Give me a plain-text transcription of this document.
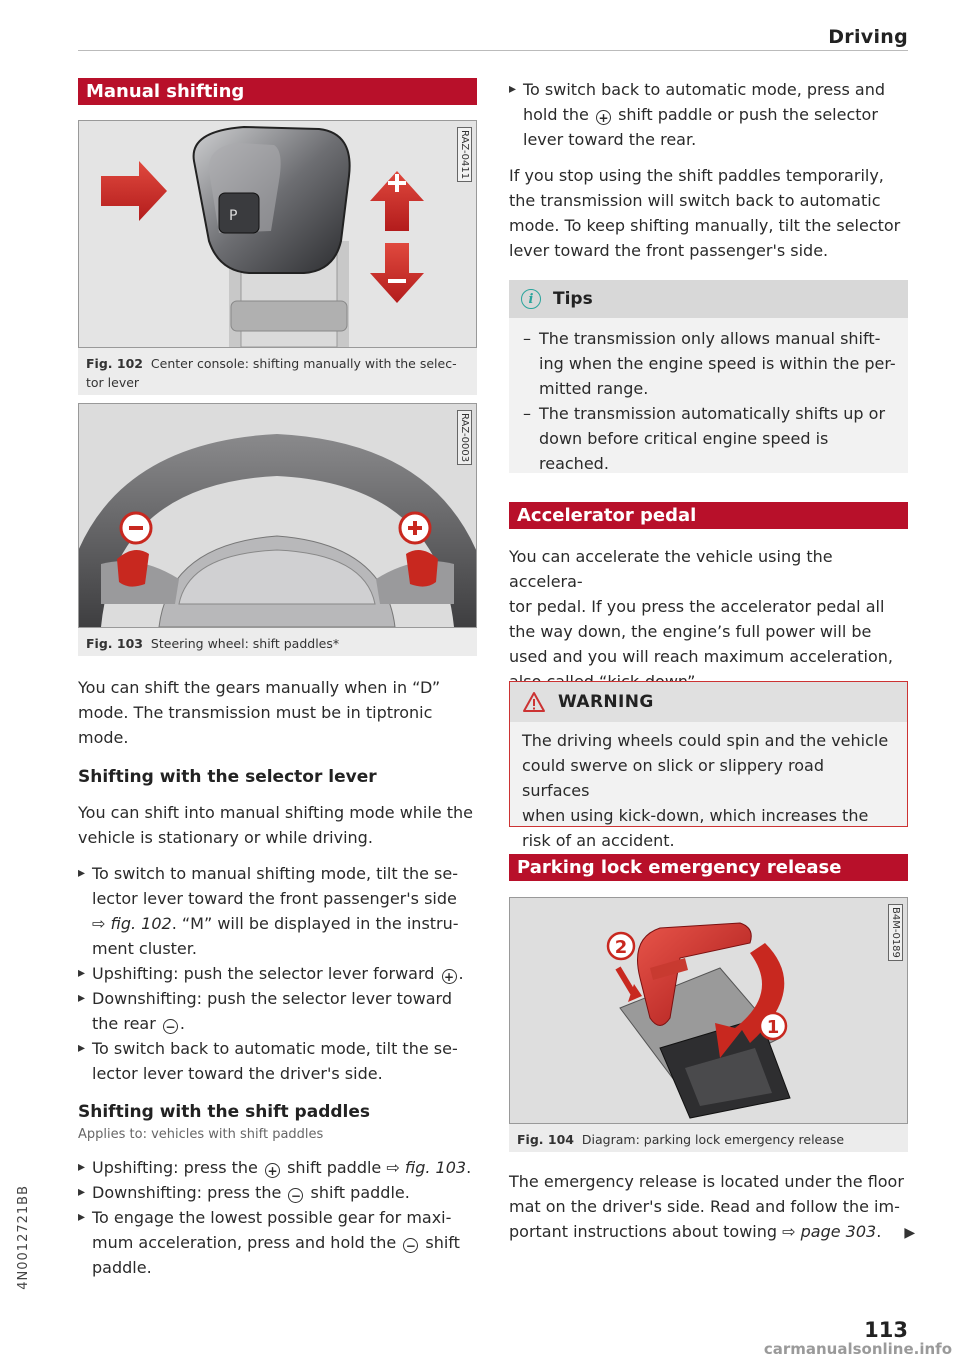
Driving
Manual shifting
P
RAZ-0411
Fig. 102 Center console: shifting manually with the selec-
tor lever
RAZ-0003
Fig. 103 Steering wheel: shift paddles*

You can shift the gears manually when in “D”

mode. The transmission must be in tiptronic

mode.

Shifting with the selector lever

You can shift into manual shifting mode while the

vehicle is stationary or while driving.

▸ To switch to manual shifting mode, tilt the se-
lector lever toward the front passenger's side
⇨ fig. 102. “M” will be displayed in the instru-
ment cluster.
▸ Upshifting: push the selector lever forward + .
▸ Downshifting: push the selector lever toward
the rear − .
▸ To switch back to automatic mode, tilt the se-
lector lever toward the driver's side.
Shifting with the shift paddles
Applies to: vehicles with shift paddles
▸ Upshifting: press the + shift paddle ⇨ fig. 103.
▸ Downshifting: press the − shift paddle.
▸ To engage the lowest possible gear for maxi-
mum acceleration, press and hold the − shift
paddle.
4N0012721BB
▸ To switch back to automatic mode, press and
hold the + shift paddle or push the selector
lever toward the rear.

If you stop using the shift paddles temporarily,

the transmission will switch back to automatic

mode. To keep shifting manually, tilt the selector

lever toward the front passenger's side.

i	Tips
– The transmission only allows manual shift-
ing when the engine speed is within the per-
mitted range.
– The transmission automatically shifts up or
down before critical engine speed is
reached.
Accelerator pedal

You can accelerate the vehicle using the accelera-

tor pedal. If you press the accelerator pedal all

the way down, the engine’s full power will be

used and you will reach maximum acceleration,

WARNING
The driving wheels could spin and the vehicle
could swerve on slick or slippery road surfaces
when using kick-down, which increases the
risk of an accident.
Parking lock emergency release
2
1
B4M-0189
Fig. 104 Diagram: parking lock emergency release

The emergency release is located under the floor

mat on the driver's side. Read and follow the im-

portant instructions about towing ⇨ page 303. ▶

113
carmanualsonline.info
